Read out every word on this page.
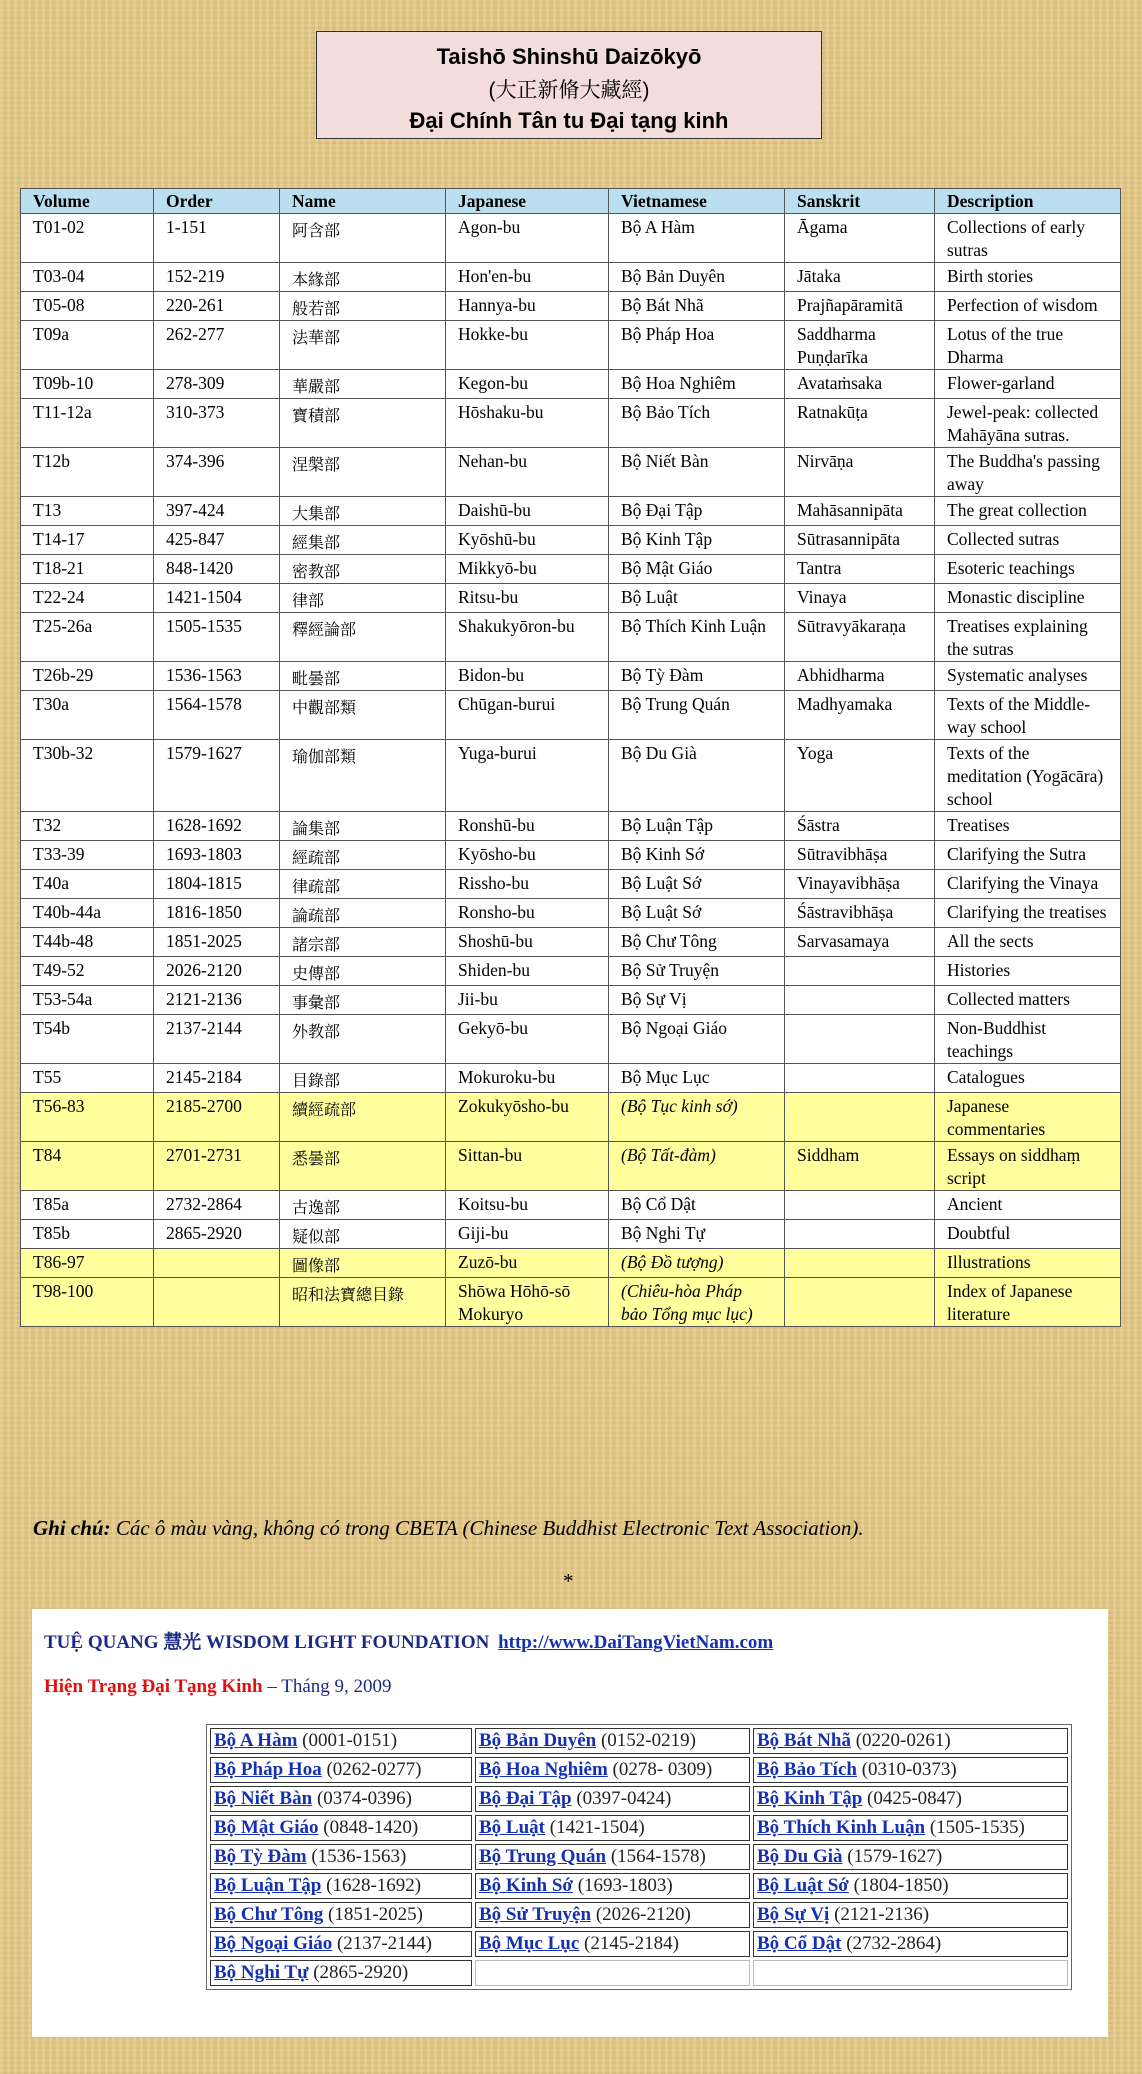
Taishō Shinshū Daizōkyō
(大正新脩大藏經)
Đại Chính Tân tu Đại tạng kinh
Volume	Order	Name	Japanese	Vietnamese	Sanskrit	Description
T01-02	1-151	阿含部	Agon-bu	Bộ A Hàm	Āgama	Collections of early sutras
T03-04	152-219	本緣部	Hon'en-bu	Bộ Bản Duyên	Jātaka	Birth stories
T05-08	220-261	般若部	Hannya-bu	Bộ Bát Nhã	Prajñapāramitā	Perfection of wisdom
T09a	262-277	法華部	Hokke-bu	Bộ Pháp Hoa	Saddharma Puṇḍarīka	Lotus of the true Dharma
T09b-10	278-309	華嚴部	Kegon-bu	Bộ Hoa Nghiêm	Avataṁsaka	Flower-garland
T11-12a	310-373	寶積部	Hōshaku-bu	Bộ Bảo Tích	Ratnakūṭa	Jewel-peak: collected Mahāyāna sutras.
T12b	374-396	涅槃部	Nehan-bu	Bộ Niết Bàn	Nirvāṇa	The Buddha's passing away
T13	397-424	大集部	Daishū-bu	Bộ Đại Tập	Mahāsannipāta	The great collection
T14-17	425-847	經集部	Kyōshū-bu	Bộ Kinh Tập	Sūtrasannipāta	Collected sutras
T18-21	848-1420	密教部	Mikkyō-bu	Bộ Mật Giáo	Tantra	Esoteric teachings
T22-24	1421-1504	律部	Ritsu-bu	Bộ Luật	Vinaya	Monastic discipline
T25-26a	1505-1535	釋經論部	Shakukyōron-bu	Bộ Thích Kinh Luận	Sūtravyākaraṇa	Treatises explaining the sutras
T26b-29	1536-1563	毗曇部	Bidon-bu	Bộ Tỳ Đàm	Abhidharma	Systematic analyses
T30a	1564-1578	中觀部類	Chūgan-burui	Bộ Trung Quán	Madhyamaka	Texts of the Middle-way school
T30b-32	1579-1627	瑜伽部類	Yuga-burui	Bộ Du Già	Yoga	Texts of the meditation (Yogācāra) school
T32	1628-1692	論集部	Ronshū-bu	Bộ Luận Tập	Śāstra	Treatises
T33-39	1693-1803	經疏部	Kyōsho-bu	Bộ Kinh Sớ	Sūtravibhāṣa	Clarifying the Sutra
T40a	1804-1815	律疏部	Rissho-bu	Bộ Luật Sớ	Vinayavibhāṣa	Clarifying the Vinaya
T40b-44a	1816-1850	論疏部	Ronsho-bu	Bộ Luật Sớ	Śāstravibhāṣa	Clarifying the treatises
T44b-48	1851-2025	諸宗部	Shoshū-bu	Bộ Chư Tông	Sarvasamaya	All the sects
T49-52	2026-2120	史傳部	Shiden-bu	Bộ Sử Truyện		Histories
T53-54a	2121-2136	事彙部	Jii-bu	Bộ Sự Vị		Collected matters
T54b	2137-2144	外教部	Gekyō-bu	Bộ Ngoại Giáo		Non-Buddhist teachings
T55	2145-2184	目錄部	Mokuroku-bu	Bộ Mục Lục		Catalogues
T56-83	2185-2700	續經疏部	Zokukyōsho-bu	(Bộ Tục kinh sớ)		Japanese commentaries
T84	2701-2731	悉曇部	Sittan-bu	(Bộ Tất-đàm)	Siddham	Essays on siddhaṃ script
T85a	2732-2864	古逸部	Koitsu-bu	Bộ Cổ Dật		Ancient
T85b	2865-2920	疑似部	Giji-bu	Bộ Nghi Tự		Doubtful
T86-97		圖像部	Zuzō-bu	(Bộ Đồ tượng)		Illustrations
T98-100		昭和法寶總目錄	Shōwa Hōhō-sō Mokuryo	(Chiêu-hòa Pháp bảo Tổng mục lục)		Index of Japanese literature
Ghi chú: Các ô màu vàng, không có trong CBETA (Chinese Buddhist Electronic Text Association).
*
TUỆ QUANG 慧光 WISDOM LIGHT FOUNDATION http://www.DaiTangVietNam.com
Hiện Trạng Đại Tạng Kinh – Tháng 9, 2009
Bộ A Hàm (0001-0151)	Bộ Bản Duyên (0152-0219)	Bộ Bát Nhã (0220-0261)
Bộ Pháp Hoa (0262-0277)	Bộ Hoa Nghiêm (0278- 0309)	Bộ Bảo Tích (0310-0373)
Bộ Niết Bàn (0374-0396)	Bộ Đại Tập (0397-0424)	Bộ Kinh Tập (0425-0847)
Bộ Mật Giáo (0848-1420)	Bộ Luật (1421-1504)	Bộ Thích Kinh Luận (1505-1535)
Bộ Tỳ Đàm (1536-1563)	Bộ Trung Quán (1564-1578)	Bộ Du Già (1579-1627)
Bộ Luận Tập (1628-1692)	Bộ Kinh Sớ (1693-1803)	Bộ Luật Sớ (1804-1850)
Bộ Chư Tông (1851-2025)	Bộ Sử Truyện (2026-2120)	Bộ Sự Vị (2121-2136)
Bộ Ngoại Giáo (2137-2144)	Bộ Mục Lục (2145-2184)	Bộ Cổ Dật (2732-2864)
Bộ Nghi Tự (2865-2920)		
